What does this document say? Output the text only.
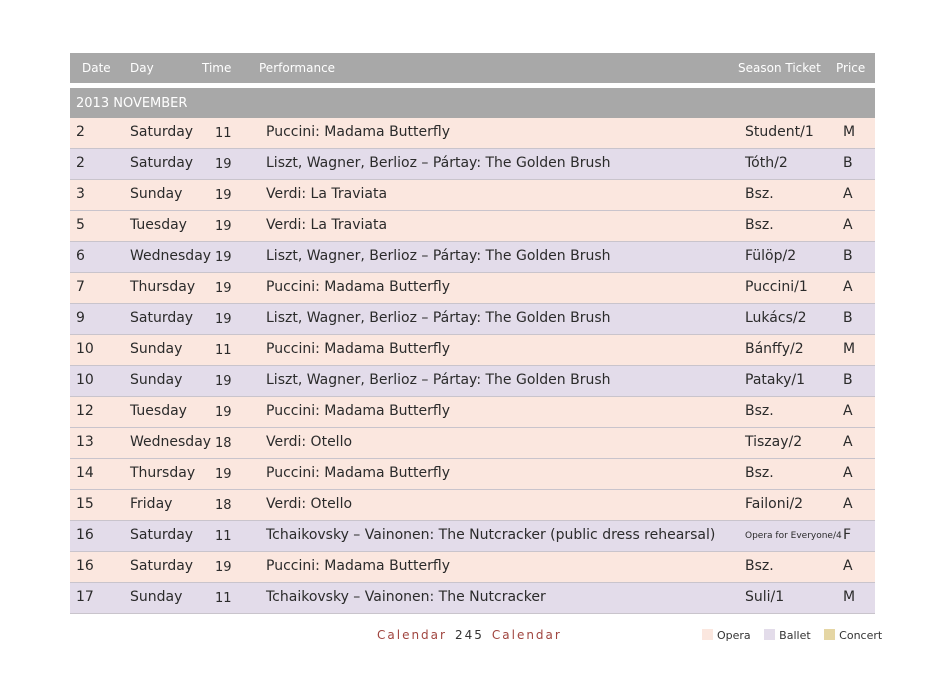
Date Day	Time Performance	Season Ticket Price
2013 NOVEMBER
2	Saturday 11 Puccini: Madama Butterfly	Student/1 M
2	Saturday 19 Liszt, Wagner, Berlioz – Pártay: The Golden Brush	Tóth/2	B
3	Sunday	19 Verdi: La Traviata	Bsz.	A
5	Tuesday 19 Verdi: La Traviata	Bsz.	A
6	Wednesday 19 Liszt, Wagner, Berlioz – Pártay: The Golden Brush	Fülöp/2	B
7	Thursday 19 Puccini: Madama Butterfly	Puccini/1	A
9	Saturday 19 Liszt, Wagner, Berlioz – Pártay: The Golden Brush	Lukács/2	B
10	Sunday	11 Puccini: Madama Butterfly	Bánffy/2	M
10	Sunday	19 Liszt, Wagner, Berlioz – Pártay: The Golden Brush	Pataky/1	B
12	Tuesday 19 Puccini: Madama Butterfly	Bsz.	A
13	Wednesday 18 Verdi: Otello	Tiszay/2	A
14	Thursday 19 Puccini: Madama Butterfly	Bsz.	A
15	Friday	18 Verdi: Otello	Failoni/2	A
16	Saturday 11 Tchaikovsky – Vainonen: The Nutcracker (public dress rehearsal)	Opera for Everyone/4 F
16	Saturday 19 Puccini: Madama Butterfly	Bsz.	A
17	Sunday	11 Tchaikovsky – Vainonen: The Nutcracker	Suli/1	M
Calendar 245 Calendar	Opera	Ballet	Concert
